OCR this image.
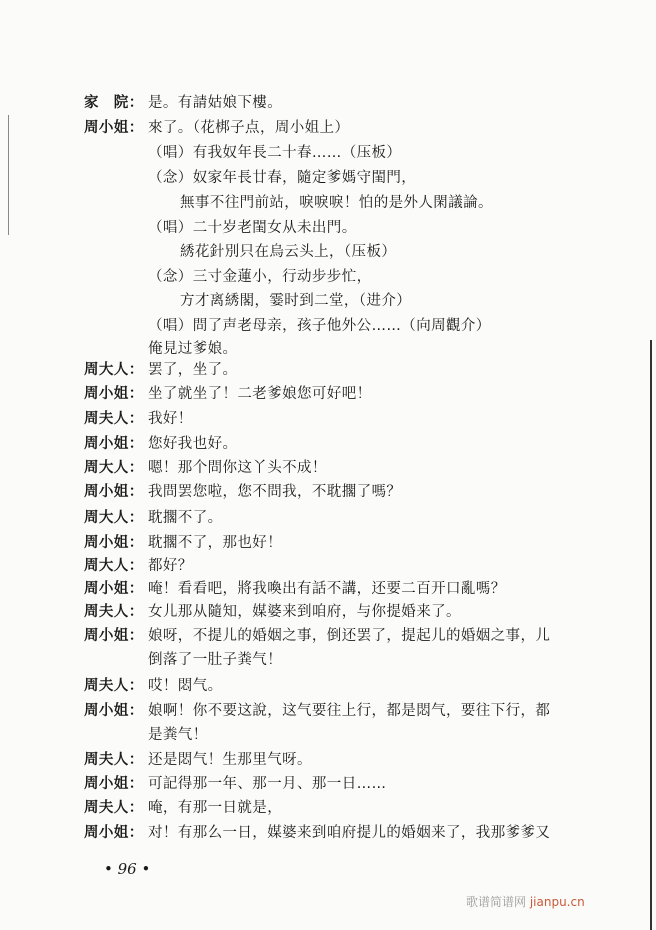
家　院： 是。有請姑娘下樓。
周小姐： 來了。（花梆子点，周小姐上）
（唱）有我奴年長二十春……（压板）
（念）奴家年長廿春，隨定爹媽守閨門，
無事不往門前站，唳唳唳！怕的是外人閑議論。
（唱）二十岁老閨女从未出門。
綉花針別只在烏云头上，（压板）
（念）三寸金蓮小，行动步步忙，
方才离綉閣，霎时到二堂，（进介）
（唱）問了声老母亲，孩子他外公……（向周觀介）
俺見过爹娘。
周大人： 罢了，坐了。
周小姐： 坐了就坐了！二老爹娘您可好吧！
周夫人： 我好！
周小姐： 您好我也好。
周大人： 嗯！那个問你这丫头不成！
周小姐： 我問罢您啦，您不問我，不耽擱了嗎？
周大人： 耽擱不了。
周小姐： 耽擱不了，那也好！
周大人： 都好？
周小姐： 唵！看看吧，將我喚出有話不講，还要二百开口亂嗎？
周夫人： 女儿那从隨知，媒婆来到咱府，与你提婚来了。
周小姐： 娘呀，不提儿的婚姻之事，倒还罢了，提起儿的婚姻之事，儿
倒落了一肚子粪气！
周夫人： 哎！悶气。
周小姐： 娘啊！你不要这說，这气要往上行，都是悶气，要往下行，都
是粪气！
周夫人： 还是悶气！生那里气呀。
周小姐： 可記得那一年、那一月、那一日……
周夫人： 唵，有那一日就是，
周小姐： 对！有那么一日，媒婆来到咱府提儿的婚姻来了，我那爹爹又
• 96 •
歌谱简谱网 jianpu.cn
